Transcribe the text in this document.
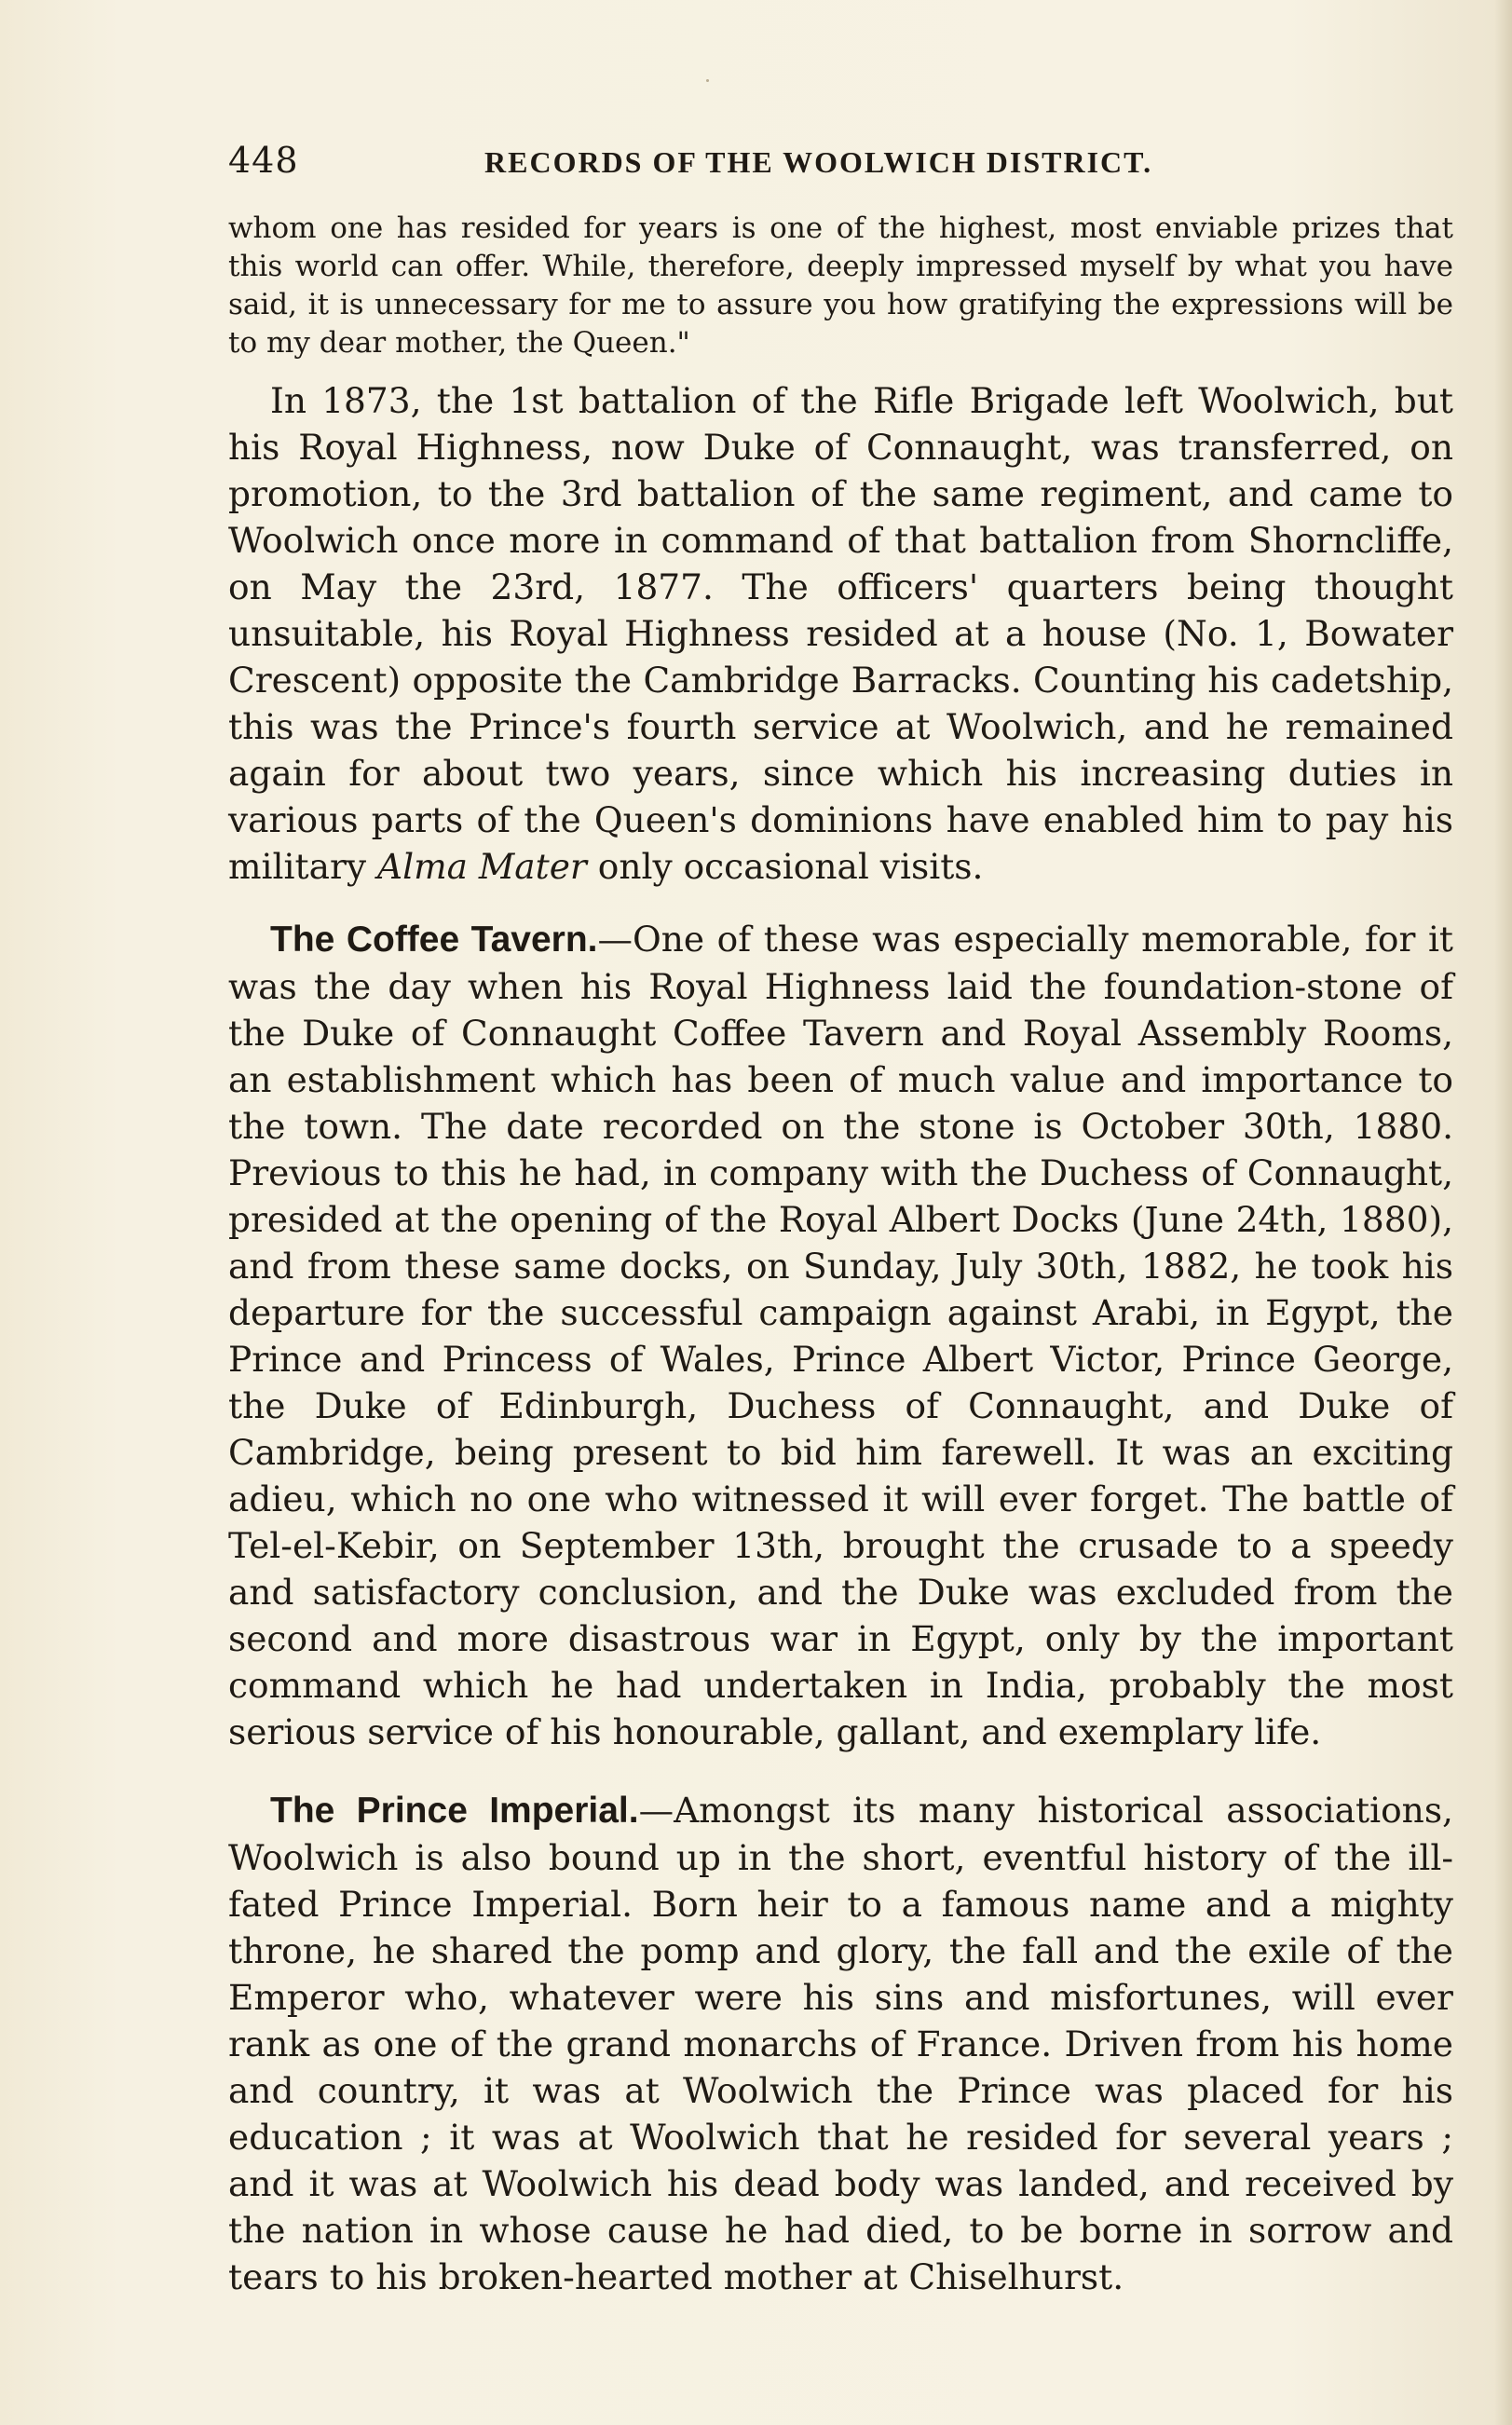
448	RECORDS OF THE WOOLWICH DISTRICT.

whom one has resided for years is one of the highest, most enviable prizes that this world can offer. While, therefore, deeply impressed myself by what you have said, it is unnecessary for me to assure you how gratifying the expressions will be to my dear mother, the Queen."

In 1873, the 1st battalion of the Rifle Brigade left Woolwich, but his Royal Highness, now Duke of Connaught, was transferred, on promotion, to the 3rd battalion of the same regiment, and came to Woolwich once more in command of that battalion from Shorncliffe, on May the 23rd, 1877. The officers' quarters being thought unsuitable, his Royal Highness resided at a house (No. 1, Bowater Crescent) opposite the Cambridge Barracks. Counting his cadetship, this was the Prince's fourth service at Woolwich, and he remained again for about two years, since which his increasing duties in various parts of the Queen's dominions have enabled him to pay his military Alma Mater only occasional visits.

The Coffee Tavern.—One of these was especially memorable, for it was the day when his Royal Highness laid the foundation-stone of the Duke of Connaught Coffee Tavern and Royal Assembly Rooms, an establishment which has been of much value and importance to the town. The date recorded on the stone is October 30th, 1880. Previous to this he had, in company with the Duchess of Connaught, presided at the opening of the Royal Albert Docks (June 24th, 1880), and from these same docks, on Sunday, July 30th, 1882, he took his departure for the successful campaign against Arabi, in Egypt, the Prince and Princess of Wales, Prince Albert Victor, Prince George, the Duke of Edinburgh, Duchess of Connaught, and Duke of Cambridge, being present to bid him farewell. It was an exciting adieu, which no one who witnessed it will ever forget. The battle of Tel-el-Kebir, on September 13th, brought the crusade to a speedy and satisfactory conclusion, and the Duke was excluded from the second and more disastrous war in Egypt, only by the important command which he had undertaken in India, probably the most serious service of his honourable, gallant, and exemplary life.

The Prince Imperial.—Amongst its many historical associations, Woolwich is also bound up in the short, eventful history of the ill-fated Prince Imperial. Born heir to a famous name and a mighty throne, he shared the pomp and glory, the fall and the exile of the Emperor who, whatever were his sins and misfortunes, will ever rank as one of the grand monarchs of France. Driven from his home and country, it was at Woolwich the Prince was placed for his education ; it was at Woolwich that he resided for several years ; and it was at Woolwich his dead body was landed, and received by the nation in whose cause he had died, to be borne in sorrow and tears to his broken-hearted mother at Chiselhurst.
